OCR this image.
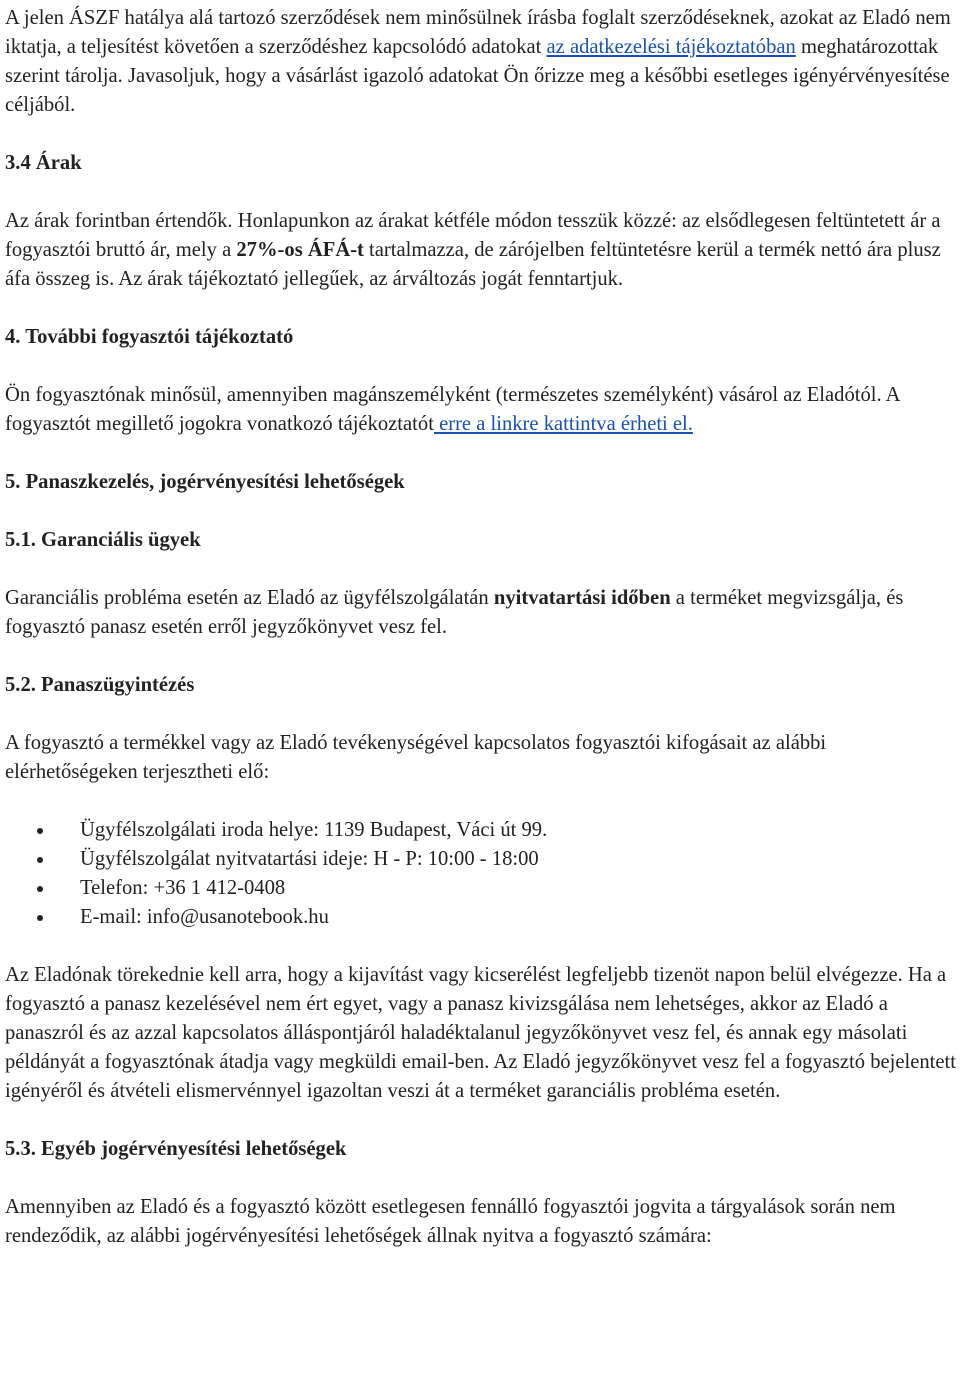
A jelen ÁSZF hatálya alá tartozó szerződések nem minősülnek írásba foglalt szerződéseknek, azokat az Eladó nem iktatja, a teljesítést követően a szerződéshez kapcsolódó adatokat az adatkezelési tájékoztatóban meghatározottak szerint tárolja. Javasoljuk, hogy a vásárlást igazoló adatokat Ön őrizze meg a későbbi esetleges igényérvényesítése céljából.

3.4 Árak

Az árak forintban értendők. Honlapunkon az árakat kétféle módon tesszük közzé: az elsődlegesen feltüntetett ár a fogyasztói bruttó ár, mely a 27%-os ÁFÁ-t tartalmazza, de zárójelben feltüntetésre kerül a termék nettó ára plusz áfa összeg is. Az árak tájékoztató jellegűek, az árváltozás jogát fenntartjuk.

4. További fogyasztói tájékoztató

Ön fogyasztónak minősül, amennyiben magánszemélyként (természetes személyként) vásárol az Eladótól. A fogyasztót megillető jogokra vonatkozó tájékoztatót erre a linkre kattintva érheti el.

5. Panaszkezelés, jogérvényesítési lehetőségek
5.1. Garanciális ügyek

Garanciális probléma esetén az Eladó az ügyfélszolgálatán nyitvatartási időben a terméket megvizsgálja, és fogyasztó panasz esetén erről jegyzőkönyvet vesz fel.

5.2. Panaszügyintézés

A fogyasztó a termékkel vagy az Eladó tevékenységével kapcsolatos fogyasztói kifogásait az alábbi elérhetőségeken terjesztheti elő:

Ügyfélszolgálati iroda helye: 1139 Budapest, Váci út 99.
Ügyfélszolgálat nyitvatartási ideje: H - P: 10:00 - 18:00
Telefon: +36 1 412-0408
E-mail: info@usanotebook.hu

Az Eladónak törekednie kell arra, hogy a kijavítást vagy kicserélést legfeljebb tizenöt napon belül elvégezze. Ha a fogyasztó a panasz kezelésével nem ért egyet, vagy a panasz kivizsgálása nem lehetséges, akkor az Eladó a panaszról és az azzal kapcsolatos álláspontjáról haladéktalanul jegyzőkönyvet vesz fel, és annak egy másolati példányát a fogyasztónak átadja vagy megküldi email-ben. Az Eladó jegyzőkönyvet vesz fel a fogyasztó bejelentett igényéről és átvételi elismervénnyel igazoltan veszi át a terméket garanciális probléma esetén.

5.3. Egyéb jogérvényesítési lehetőségek

Amennyiben az Eladó és a fogyasztó között esetlegesen fennálló fogyasztói jogvita a tárgyalások során nem rendeződik, az alábbi jogérvényesítési lehetőségek állnak nyitva a fogyasztó számára:
